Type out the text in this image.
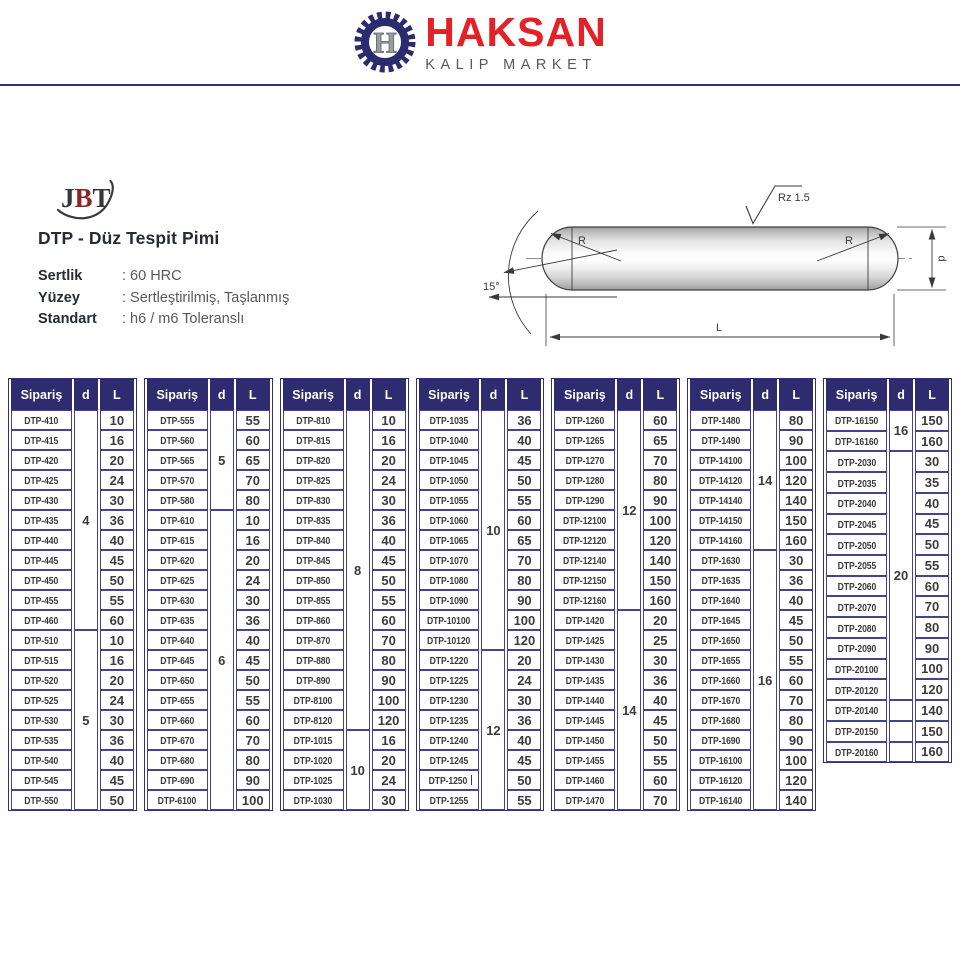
H HAKSAN
KALIP MARKET
JBT
DTP - Düz Tespit Pimi
Sertlik	: 60 HRC
Yüzey	: Sertleştirilmiş, Taşlanmış
Standart	: h6 / m6 Toleranslı
Rz 1.5
R	R
d
L
15°
Sipariş	d	L
DTP-410	4	10
DTP-415		16
DTP-420		20
DTP-425		24
DTP-430		30
DTP-435		36
DTP-440		40
DTP-445		45
DTP-450		50
DTP-455		55
DTP-460		60
DTP-510	5	10
DTP-515		16
DTP-520		20
DTP-525		24
DTP-530		30
DTP-535		36
DTP-540		40
DTP-545		45
DTP-550		50
Sipariş	d	L
DTP-555	5	55
DTP-560		60
DTP-565		65
DTP-570		70
DTP-580		80
DTP-610	6	10
DTP-615		16
DTP-620		20
DTP-625		24
DTP-630		30
DTP-635		36
DTP-640		40
DTP-645		45
DTP-650		50
DTP-655		55
DTP-660		60
DTP-670		70
DTP-680		80
DTP-690		90
DTP-6100		100
Sipariş	d	L
DTP-810	8	10
DTP-815		16
DTP-820		20
DTP-825		24
DTP-830		30
DTP-835		36
DTP-840		40
DTP-845		45
DTP-850		50
DTP-855		55
DTP-860		60
DTP-870		70
DTP-880		80
DTP-890		90
DTP-8100		100
DTP-8120		120
DTP-1015	10	16
DTP-1020		20
DTP-1025		24
DTP-1030		30
Sipariş	d	L
DTP-1035	10	36
DTP-1040		40
DTP-1045		45
DTP-1050		50
DTP-1055		55
DTP-1060		60
DTP-1065		65
DTP-1070		70
DTP-1080		80
DTP-1090		90
DTP-10100		100
DTP-10120		120
DTP-1220	12	20
DTP-1225		24
DTP-1230		30
DTP-1235		36
DTP-1240		40
DTP-1245		45
DTP-1250		50
DTP-1255		55
Sipariş	d	L
DTP-1260	12	60
DTP-1265		65
DTP-1270		70
DTP-1280		80
DTP-1290		90
DTP-12100		100
DTP-12120		120
DTP-12140		140
DTP-12150		150
DTP-12160		160
DTP-1420	14	20
DTP-1425		25
DTP-1430		30
DTP-1435		36
DTP-1440		40
DTP-1445		45
DTP-1450		50
DTP-1455		55
DTP-1460		60
DTP-1470		70
Sipariş	d	L
DTP-1480	14	80
DTP-1490		90
DTP-14100		100
DTP-14120		120
DTP-14140		140
DTP-14150		150
DTP-14160		160
DTP-1630	16	30
DTP-1635		36
DTP-1640		40
DTP-1645		45
DTP-1650		50
DTP-1655		55
DTP-1660		60
DTP-1670		70
DTP-1680		80
DTP-1690		90
DTP-16100		100
DTP-16120		120
DTP-16140		140
Sipariş	d	L
DTP-16150	16	150
DTP-16160		160
DTP-2030	20	30
DTP-2035		35
DTP-2040		40
DTP-2045		45
DTP-2050		50
DTP-2055		55
DTP-2060		60
DTP-2070		70
DTP-2080		80
DTP-2090		90
DTP-20100		100
DTP-20120		120
DTP-20140		140
DTP-20150		150
DTP-20160		160
